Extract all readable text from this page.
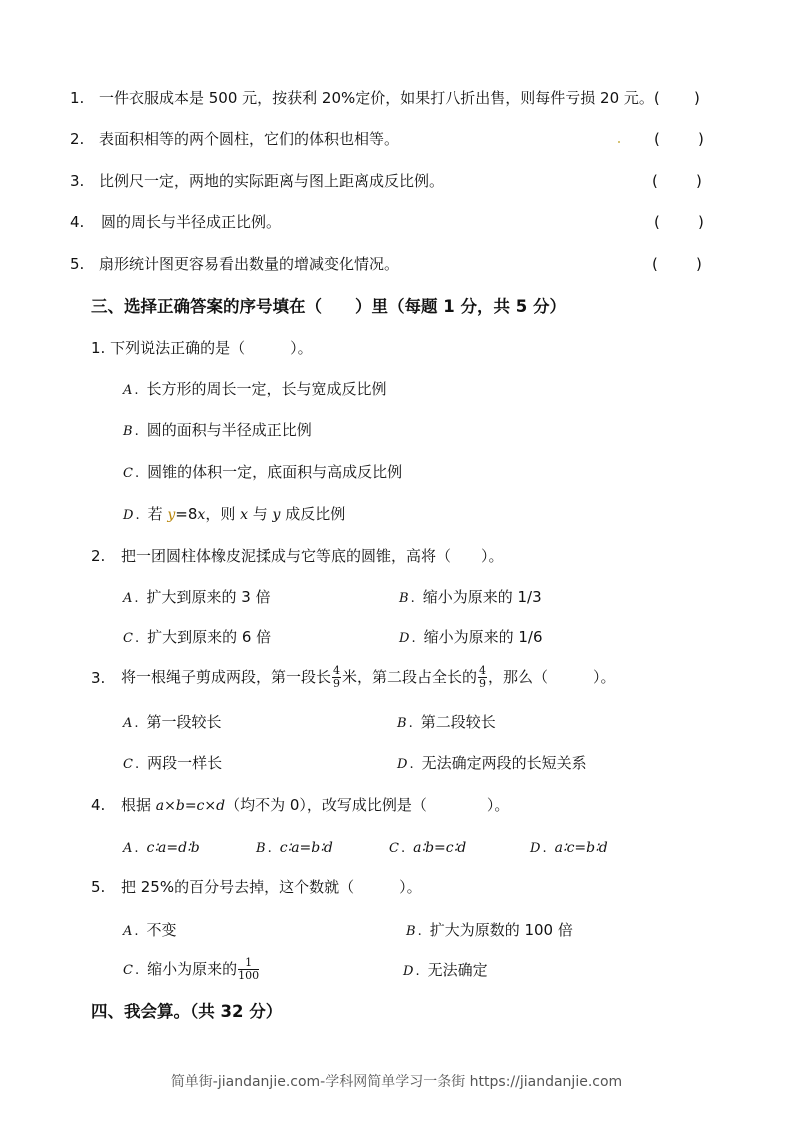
1. 一件衣服成本是 500 元，按获利 20%定价，如果打八折出售，则每件亏损 20 元。( )
2. 表面积相等的两个圆柱，它们的体积也相等。	(        )
3. 比例尺一定，两地的实际距离与图上距离成反比例。	(        )
4. 圆的周长与半径成正比例。	(        )
5. 扇形统计图更容易看出数量的增减变化情况。	(        )
三、选择正确答案的序号填在（　　）里（每题 1 分，共 5 分）
1. 下列说法正确的是（　　　）。
A . 长方形的周长一定，长与宽成反比例
B . 圆的面积与半径成正比例
C . 圆锥的体积一定，底面积与高成反比例
D . 若 y=8x，则 x 与 y 成反比例
2. 把一团圆柱体橡皮泥揉成与它等底的圆锥，高将（　　）。
A . 扩大到原来的 3 倍	B . 缩小为原来的 1/3
C . 扩大到原来的 6 倍	D . 缩小为原来的 1/6
3. 将一根绳子剪成两段，第一段长 $\frac{4}{9}$ 米，第二段占全长的 $\frac{4}{9}$ ，那么（　　　）。
A . 第一段较长	B . 第二段较长
C . 两段一样长	D . 无法确定两段的长短关系
4. 根据 a×b=c×d（均不为 0），改写成比例是（　　　　）。
A . c∶a=d∶b	B . c∶a=b∶d	C . a∶b=c∶d	D . a∶c=b∶d
5. 把 25%的百分号去掉，这个数就（　　　）。
A . 不变	B . 扩大为原数的 100 倍
C . 缩小为原来的 $\frac{1}{100}$	D . 无法确定
四、我会算。（共 32 分）
简单街-jiandanjie.com-学科网简单学习一条街 https://jiandanjie.com
